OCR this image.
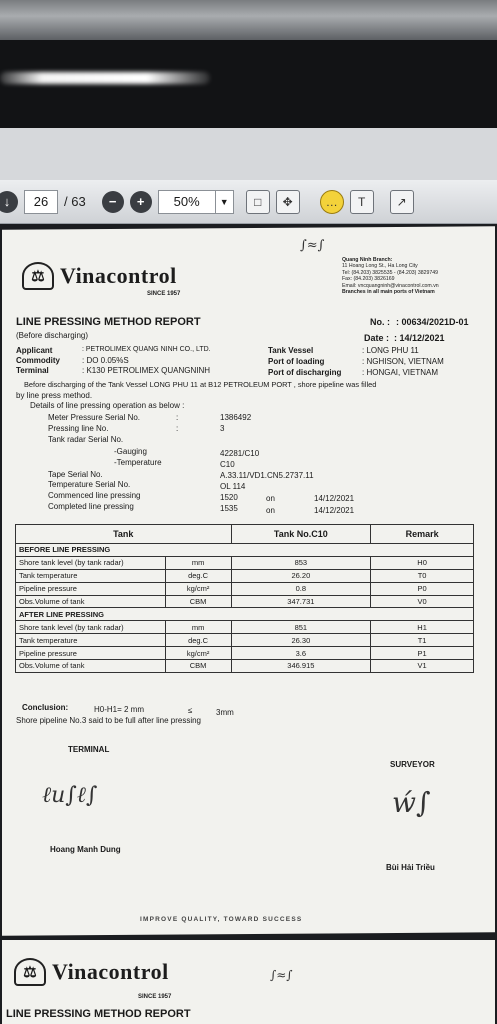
↓	26	/ 63	−	+	50%	▼	□	✥	…	T	↗
⚖ Vinacontrol
SINCE 1957
∫≈∫
Quang Ninh Branch:
11 Hoang Long St., Ha Long City
Tel: (84.203) 3825535 - (84.203) 3829749
Fax: (84.203) 3826169
Email: vncquangninh@vinacontrol.com.vn
Branches in all main ports of Vietnam
LINE PRESSING METHOD REPORT
(Before discharging)
No. : : 00634/2021D-01
Date : : 14/12/2021
Applicant	: PETROLIMEX QUANG NINH CO., LTD.
Commodity	: DO 0.05%S
Terminal	: K130 PETROLIMEX QUANGNINH
Tank Vessel	: LONG PHU 11
Port of loading	: NGHISON, VIETNAM
Port of discharging	: HONGAI, VIETNAM
Before discharging of the Tank Vessel LONG PHU 11 at B12 PETROLEUM PORT , shore pipeline was filled
by line press method.
Details of line pressing operation as below :
Meter Pressure Serial No.	:	1386492
Pressing line No.	:	3
Tank radar Serial No.
-Gauging	42281/C10
-Temperature	C10
Tape Serial No.	A.33.11/VD1.CN5.2737.11
Temperature Serial No.	OL 114
Commenced line pressing	1520	on	14/12/2021
Completed line pressing	1535	on	14/12/2021
Tank		Tank No.C10	Remark
BEFORE LINE PRESSING			
Shore tank level (by tank radar)	mm	853	H0
Tank temperature	deg.C	26.20	T0
Pipeline pressure	kg/cm²	0.8	P0
Obs.Volume of tank	CBM	347.731	V0
AFTER LINE PRESSING			
Shore tank level (by tank radar)	mm	851	H1
Tank temperature	deg.C	26.30	T1
Pipeline pressure	kg/cm²	3.6	P1
Obs.Volume of tank	CBM	346.915	V1
Conclusion:	H0-H1= 2 mm	≤	3mm
Shore pipeline No.3 said to be full after line pressing
TERMINAL
SURVEYOR
ℓu∫ℓ∫	ẃ∫
Hoang Manh Dung
Bùi Hải Triều
IMPROVE QUALITY, TOWARD SUCCESS
⚖ Vinacontrol
SINCE 1957
∫≈∫
LINE PRESSING METHOD REPORT
